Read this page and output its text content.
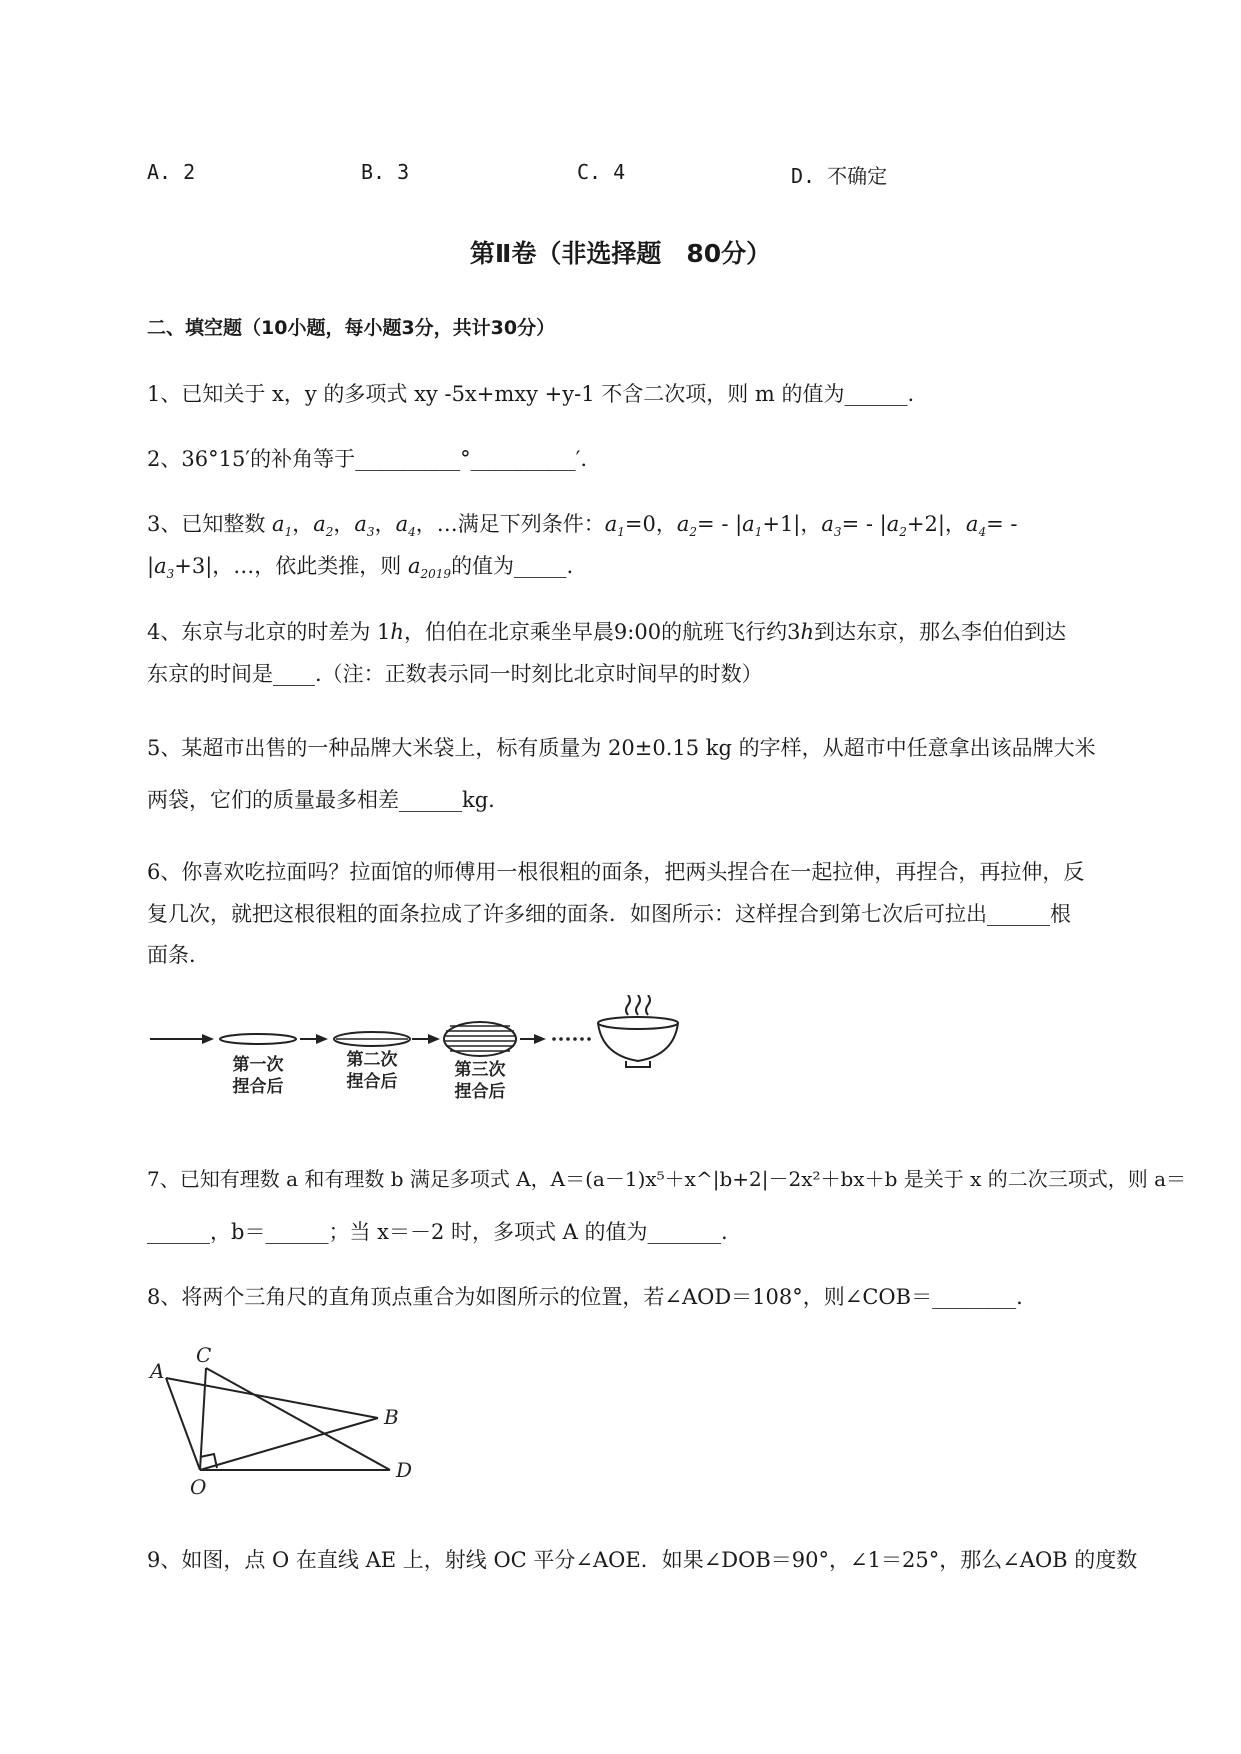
A. 2	B. 3	C. 4	D. 不确定
第Ⅱ卷（非选择题　80分）
二、填空题（10小题，每小题3分，共计30分）
1、已知关于 x，y 的多项式 xy -5x+mxy +y-1 不含二次项，则 m 的值为______.
2、36°15′的补角等于__________°__________′.
3、已知整数 $a_1$，$a_2$，$a_3$，$a_4$，…满足下列条件：$a_1=0$，$a_2= - |a_1+1|$，$a_3= - |a_2+2|$，$a_4=$ -
$|a_3+3|$，…，依此类推，则 $a_{2019}$的值为_____.
4、东京与北京的时差为 1h，伯伯在北京乘坐早晨9:00的航班飞行约3h到达东京，那么李伯伯到达
东京的时间是____.（注：正数表示同一时刻比北京时间早的时数）
5、某超市出售的一种品牌大米袋上，标有质量为 20±0.15 kg 的字样，从超市中任意拿出该品牌大米
两袋，它们的质量最多相差______kg.
6、你喜欢吃拉面吗？拉面馆的师傅用一根很粗的面条，把两头捏合在一起拉伸，再捏合，再拉伸，反
复几次，就把这根很粗的面条拉成了许多细的面条．如图所示：这样捏合到第七次后可拉出______根
面条．
第一次
捏合后
第二次
捏合后
第三次
捏合后
7、已知有理数 a 和有理数 b 满足多项式 A，A＝(a－1)x⁵＋x^|b+2|－2x²＋bx＋b 是关于 x 的二次三项式，则 a＝
______，b＝______；当 x＝－2 时，多项式 A 的值为_______.
8、将两个三角尺的直角顶点重合为如图所示的位置，若∠AOD＝108°，则∠COB＝________.
A
C
B
D
O
9、如图，点 O 在直线 AE 上，射线 OC 平分∠AOE．如果∠DOB＝90°，∠1＝25°，那么∠AOB 的度数
